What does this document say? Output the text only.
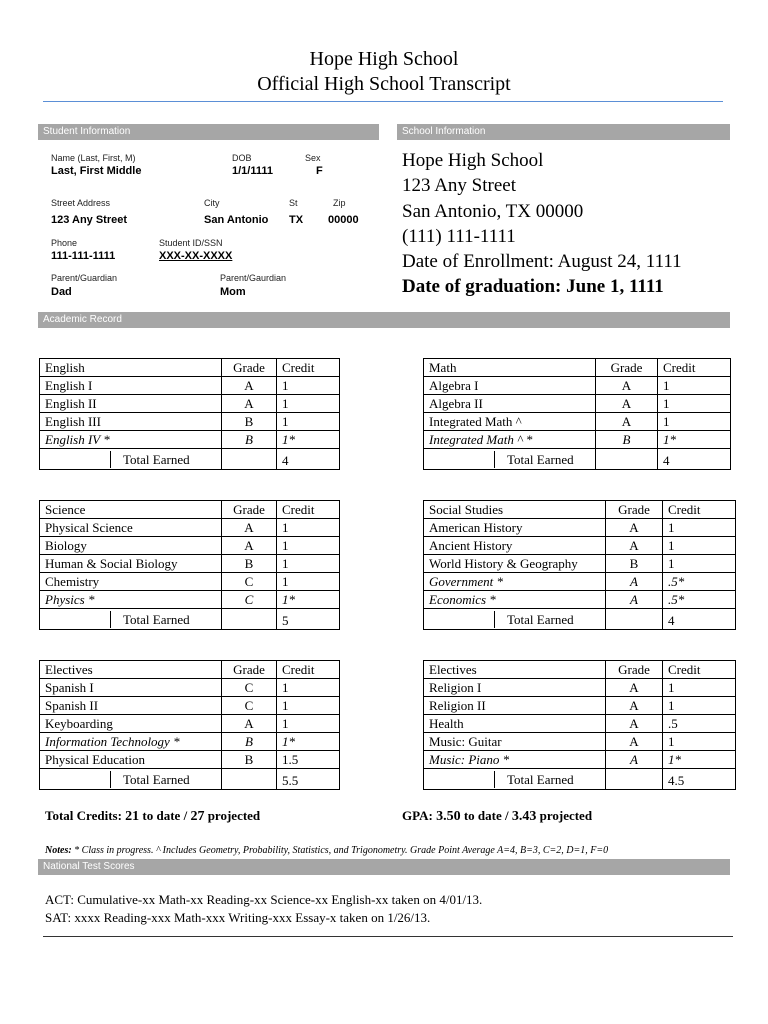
Hope High School
Official High School Transcript
Student Information	School Information
Name (Last, First, M)
Last, First Middle
DOB
1/1/1111
Sex
F
Street Address
123 Any Street
City
San Antonio
St
TX
Zip
00000
Phone
111-111-1111
Student ID/SSN
XXX-XX-XXXX
Parent/Guardian
Dad
Parent/Gaurdian
Mom
Hope High School
123 Any Street
San Antonio, TX 00000
(111) 111-1111
Date of Enrollment: August 24, 1111
Date of graduation: June 1, 1111
Academic Record
English	Grade	Credit
English I	A	1
English II	A	1
English III	B	1
English IV *	B	1*

Total Earned		4
Math	Grade	Credit
Algebra I	A	1
Algebra II	A	1
Integrated Math ^	A	1
Integrated Math ^ *	B	1*

Total Earned		4
Science	Grade	Credit
Physical Science	A	1
Biology	A	1
Human & Social Biology	B	1
Chemistry	C	1
Physics *	C	1*

Total Earned		5
Social Studies	Grade	Credit
American History	A	1
Ancient History	A	1
World History & Geography	B	1
Government *	A	.5*
Economics *	A	.5*

Total Earned		4
Electives	Grade	Credit
Spanish I	C	1
Spanish II	C	1
Keyboarding	A	1
Information Technology *	B	1*
Physical Education	B	1.5

Total Earned		5.5
Electives	Grade	Credit
Religion I	A	1
Religion II	A	1
Health	A	.5
Music: Guitar	A	1
Music: Piano *	A	1*

Total Earned		4.5
Total Credits: 21 to date / 27 projected	GPA: 3.50 to date / 3.43 projected
Notes: * Class in progress. ^ Includes Geometry, Probability, Statistics, and Trigonometry. Grade Point Average A=4, B=3, C=2, D=1, F=0
National Test Scores
ACT: Cumulative-xx Math-xx Reading-xx Science-xx English-xx taken on 4/01/13.
SAT: xxxx Reading-xxx Math-xxx Writing-xxx Essay-x taken on 1/26/13.
